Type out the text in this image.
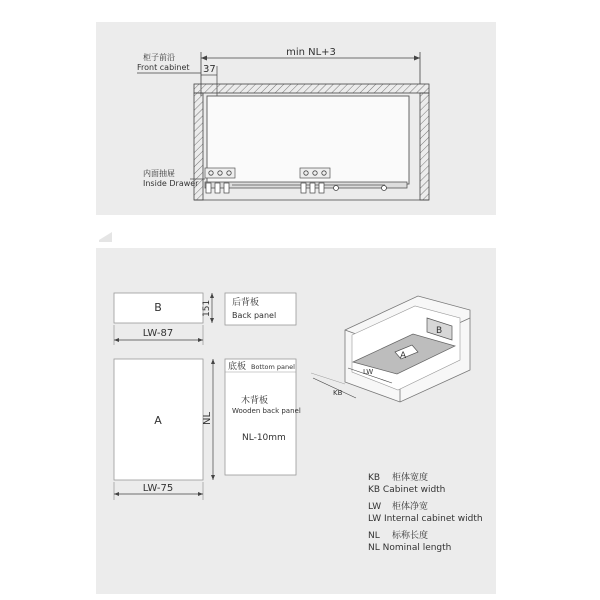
滑轨安装尺寸 Rail mounting hole distance
16mm 厚的密度板裁切尺寸 Cutting dimensions for 16mm-thick MDF
min NL+3
柜子前沿
Front cabinet 37
内面抽屉
Inside Drawer
B	151
LW-87
后背板
Back panel
A	NL
LW-75
底板 Bottom panel
木背板
Wooden back panel
NL-10mm
B
A
LW
KB
KB 柜体宽度
KB Cabinet width
LW 柜体净宽
LW Internal cabinet width
NL 标称长度
NL Nominal length
